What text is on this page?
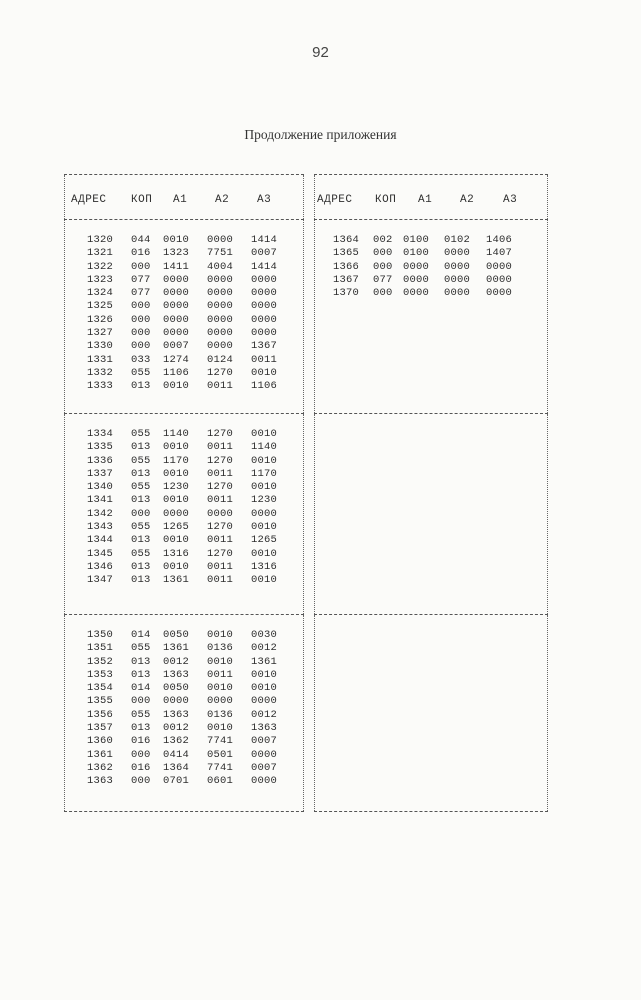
92
Продолжение приложения
АДРЕС КОП А1	А2	А3
1320 044 0010 0000 1414
1321 016 1323 7751 0007
1322 000 1411 4004 1414
1323 077 0000 0000 0000
1324 077 0000 0000 0000
1325 000 0000 0000 0000
1326 000 0000 0000 0000
1327 000 0000 0000 0000
1330 000 0007 0000 1367
1331 033 1274 0124 0011
1332 055 1106 1270 0010
1333 013 0010 0011 1106
1334 055 1140 1270 0010
1335 013 0010 0011 1140
1336 055 1170 1270 0010
1337 013 0010 0011 1170
1340 055 1230 1270 0010
1341 013 0010 0011 1230
1342 000 0000 0000 0000
1343 055 1265 1270 0010
1344 013 0010 0011 1265
1345 055 1316 1270 0010
1346 013 0010 0011 1316
1347 013 1361 0011 0010
1350 014 0050 0010 0030
1351 055 1361 0136 0012
1352 013 0012 0010 1361
1353 013 1363 0011 0010
1354 014 0050 0010 0010
1355 000 0000 0000 0000
1356 055 1363 0136 0012
1357 013 0012 0010 1363
1360 016 1362 7741 0007
1361 000 0414 0501 0000
1362 016 1364 7741 0007
1363 000 0701 0601 0000
АДРЕС КОП А1	А2	А3
1364 002 0100 0102 1406
1365 000 0100 0000 1407
1366 000 0000 0000 0000
1367 077 0000 0000 0000
1370 000 0000 0000 0000
